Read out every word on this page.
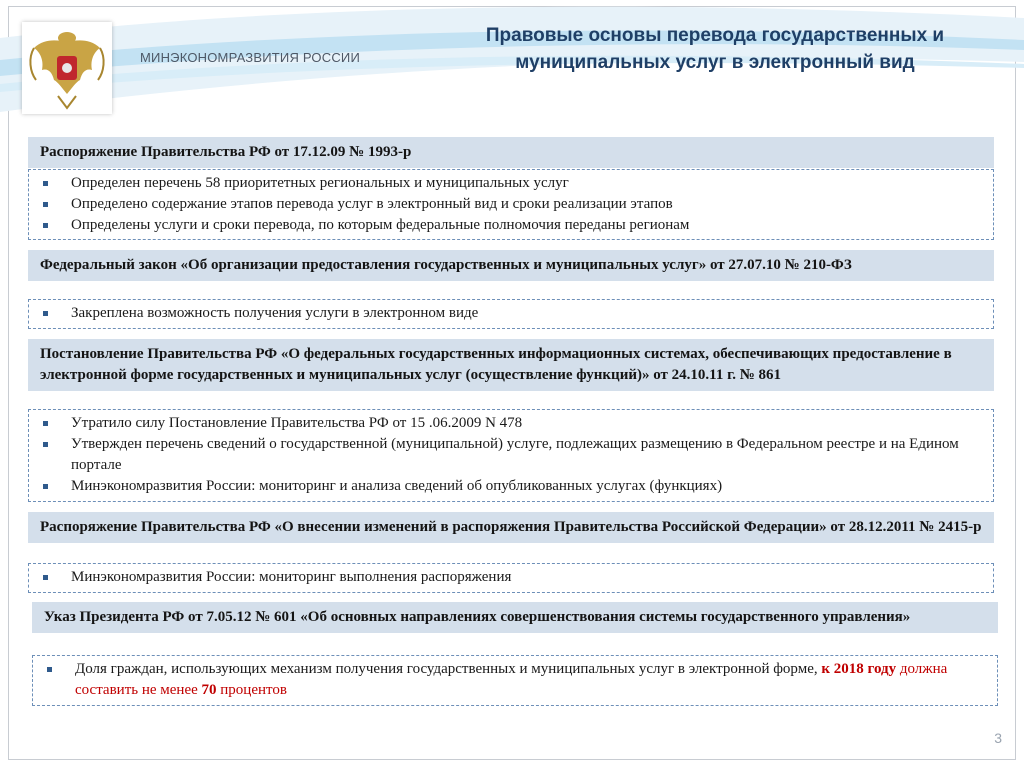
МИНЭКОНОМРАЗВИТИЯ РОССИИ
Правовые основы перевода государственных и муниципальных услуг в электронный вид
Распоряжение Правительства РФ от 17.12.09 № 1993-р
Определен перечень 58 приоритетных региональных и муниципальных услуг
Определено содержание этапов перевода услуг в электронный вид и сроки реализации этапов
Определены услуги и сроки перевода, по которым федеральные полномочия переданы регионам
Федеральный закон «Об организации предоставления государственных и муниципальных услуг» от 27.07.10 № 210-ФЗ
Закреплена возможность получения услуги в электронном виде
Постановление Правительства РФ «О федеральных государственных информационных системах, обеспечивающих предоставление в электронной форме государственных и муниципальных услуг (осуществление функций)» от 24.10.11 г. № 861
Утратило силу Постановление Правительства РФ от 15 .06.2009 N 478
Утвержден перечень сведений о государственной (муниципальной) услуге, подлежащих размещению в Федеральном реестре и на Едином портале
Минэкономразвития России: мониторинг и анализа сведений об опубликованных услугах (функциях)
Распоряжение Правительства РФ «О внесении изменений в распоряжения Правительства Российской Федерации» от 28.12.2011 № 2415-р
Минэкономразвития России: мониторинг выполнения распоряжения
Указ Президента РФ от 7.05.12 № 601 «Об основных направлениях совершенствования системы государственного управления»
Доля граждан, использующих механизм получения государственных и муниципальных услуг в электронной форме, к 2018 году должна составить не менее 70 процентов
3
